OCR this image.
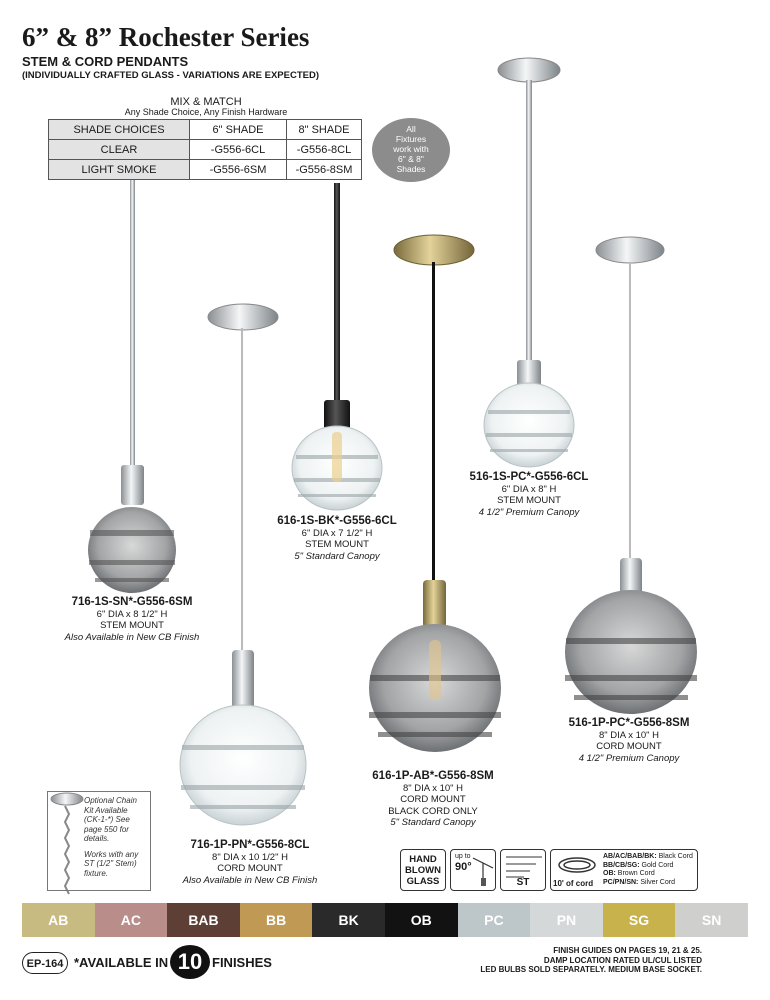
6” & 8” Rochester Series
STEM & CORD PENDANTS
(INDIVIDUALLY CRAFTED GLASS - VARIATIONS ARE EXPECTED)
MIX & MATCH
Any Shade Choice, Any Finish Hardware
SHADE CHOICES	6" SHADE	8" SHADE
CLEAR	-G556-6CL	-G556-8CL
LIGHT SMOKE	-G556-6SM	-G556-8SM
All
Fixtures
work with
6" & 8"
Shades
716-1S-SN*-G556-6SM
6" DIA x 8 1/2" H
STEM MOUNT
Also Available in New CB Finish
616-1S-BK*-G556-6CL
6" DIA x 7 1/2" H
STEM MOUNT
5" Standard Canopy
516-1S-PC*-G556-6CL
6" DIA x 8" H
STEM MOUNT
4 1/2" Premium Canopy
716-1P-PN*-G556-8CL
8" DIA x 10 1/2" H
CORD MOUNT
Also Available in New CB Finish
616-1P-AB*-G556-8SM
8" DIA x 10" H
CORD MOUNT
BLACK CORD ONLY
5" Standard Canopy
516-1P-PC*-G556-8SM
8" DIA x 10" H
CORD MOUNT
4 1/2" Premium Canopy
Optional Chain Kit Available (CK-1-*) See page 550 for details.
Works with any ST (1/2" Stem) fixture.
HAND BLOWN GLASS
up to
90°
ST	10' of cord
AB/AC/BAB/BK: Black Cord
BB/CB/SG: Gold Cord
OB: Brown Cord
PC/PN/SN: Silver Cord
AB	AC	BAB	BB	BK	OB	PC	PN	SG	SN
EP-164 *AVAILABLE IN 10 FINISHES
FINISH GUIDES ON PAGES 19, 21 & 25.
DAMP LOCATION RATED UL/CUL LISTED
LED BULBS SOLD SEPARATELY. MEDIUM BASE SOCKET.
